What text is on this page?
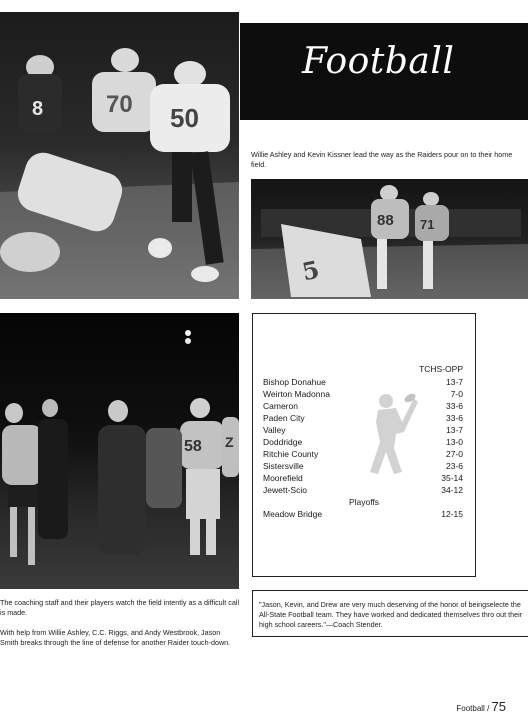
8	70 50
Football
Willie Ashley and Kevin Kissner lead the way as the Raiders pour on to their home field.
88 71
5
58 Z
The coaching staff and their players watch the field intently as a difficult call is made.
With help from Willie Ashley, C.C. Riggs, and Andy Westbrook, Jason Smith breaks through the line of defense for another Raider touch-down.
TCHS-OPP
Bishop Donahue	13-7
Weirton Madonna	7-0
Cameron	33-6
Paden City	33-6
Valley	13-7
Doddridge	13-0
Ritchie County	27-0
Sistersville	23-6
Moorefield	35-14
Jewett-Scio	34-12
Playoffs
Meadow Bridge	12-15
"Jason, Kevin, and Drew are very much deserving of the honor of beingselecte the All-State Football team. They have worked and dedicated themselves thro out their high school careers."—Coach Stender.
Football / 75
